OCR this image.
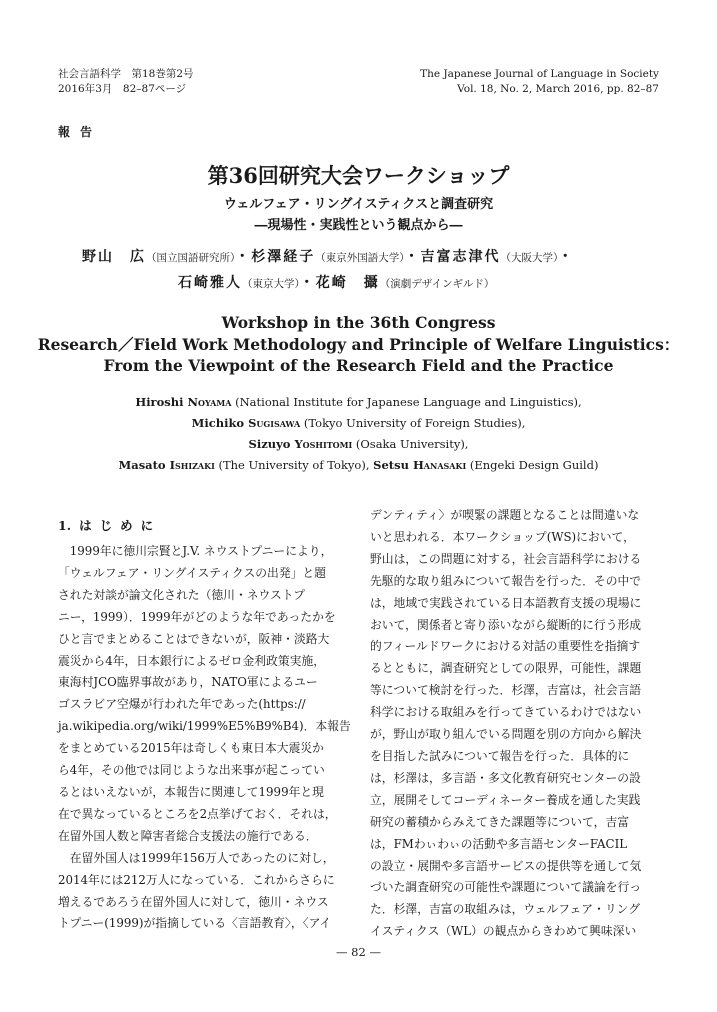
社会言語科学　第18巻第2号
2016年3月　82–87ページ
The Japanese Journal of Language in Society
Vol. 18, No. 2, March 2016, pp. 82–87
報告
第36回研究大会ワークショップ
ウェルフェア・リングイスティクスと調査研究
―現場性・実践性という観点から―
野山　広（国立国語研究所）・杉澤経子（東京外国語大学）・吉富志津代（大阪大学）・
石崎雅人（東京大学）・花崎　攝（演劇デザインギルド）
Workshop in the 36th Congress
Research／Field Work Methodology and Principle of Welfare Linguistics：
From the Viewpoint of the Research Field and the Practice
Hiroshi Noyama (National Institute for Japanese Language and Linguistics),
Michiko Sugisawa (Tokyo University of Foreign Studies),
Sizuyo Yoshitomi (Osaka University),
Masato Ishizaki (The University of Tokyo), Setsu Hanasaki (Engeki Design Guild)
1. はじめに
　1999年に徳川宗賢とJ.V. ネウストプニーにより，
「ウェルフェア・リングイスティクスの出発」と題
された対談が論文化された（徳川・ネウストプ
ニー，1999）．1999年がどのような年であったかを
ひと言でまとめることはできないが，阪神・淡路大
震災から4年，日本銀行によるゼロ金利政策実施，
東海村JCO臨界事故があり，NATO軍によるユー
ゴスラビア空爆が行われた年であった(https://
ja.wikipedia.org/wiki/1999%E5%B9%B4)．本報告
をまとめている2015年は奇しくも東日本大震災か
ら4年，その他では同じような出来事が起こってい
るとはいえないが，本報告に関連して1999年と現
在で異なっているところを2点挙げておく．それは，
在留外国人数と障害者総合支援法の施行である．
　在留外国人は1999年156万人であったのに対し，
2014年には212万人になっている．これからさらに
増えるであろう在留外国人に対して，徳川・ネウス
トプニー(1999)が指摘している〈言語教育〉，〈アイ
デンティティ〉が喫緊の課題となることは間違いな
いと思われる．本ワークショップ(WS)において，
野山は，この問題に対する，社会言語科学における
先駆的な取り組みについて報告を行った．その中で
は，地域で実践されている日本語教育支援の現場に
おいて，関係者と寄り添いながら縦断的に行う形成
的フィールドワークにおける対話の重要性を指摘す
るとともに，調査研究としての限界，可能性，課題
等について検討を行った．杉澤，吉富は，社会言語
科学における取組みを行ってきているわけではない
が，野山が取り組んでいる問題を別の方向から解決
を目指した試みについて報告を行った．具体的に
は，杉澤は，多言語・多文化教育研究センターの設
立，展開そしてコーディネーター養成を通した実践
研究の蓄積からみえてきた課題等について，吉富
は，FMわぃわぃの活動や多言語センターFACIL
の設立・展開や多言語サービスの提供等を通して気
づいた調査研究の可能性や課題について議論を行っ
た．杉澤，吉富の取組みは，ウェルフェア・リング
イスティクス（WL）の観点からきわめて興味深い
— 82 —
